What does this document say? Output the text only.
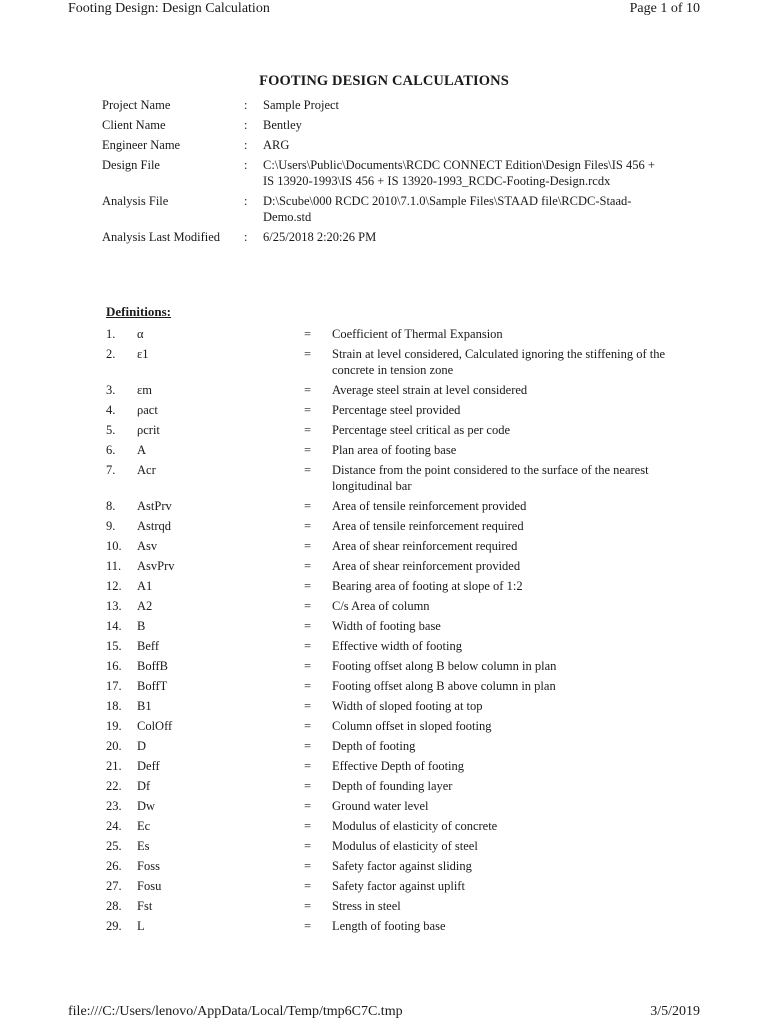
Footing Design: Design Calculation	Page 1 of 10
FOOTING DESIGN CALCULATIONS
Project Name	:	Sample Project
Client Name	:	Bentley
Engineer Name	:	ARG
Design File	:	C:\Users\Public\Documents\RCDC CONNECT Edition\Design Files\IS 456 + IS 13920-1993\IS 456 + IS 13920-1993_RCDC-Footing-Design.rcdx
Analysis File	:	D:\Scube\000 RCDC 2010\7.1.0\Sample Files\STAAD file\RCDC-Staad-Demo.std
Analysis Last Modified	:	6/25/2018 2:20:26 PM
Definitions:
1.	α	=	Coefficient of Thermal Expansion
2.	ε1	=	Strain at level considered, Calculated ignoring the stiffening of the concrete in tension zone
3.	εm	=	Average steel strain at level considered
4.	ρact	=	Percentage steel provided
5.	ρcrit	=	Percentage steel critical as per code
6.	A	=	Plan area of footing base
7.	Acr	=	Distance from the point considered to the surface of the nearest longitudinal bar
8.	AstPrv	=	Area of tensile reinforcement provided
9.	Astrqd	=	Area of tensile reinforcement required
10.	Asv	=	Area of shear reinforcement required
11.	AsvPrv	=	Area of shear reinforcement provided
12.	A1	=	Bearing area of footing at slope of 1:2
13.	A2	=	C/s Area of column
14.	B	=	Width of footing base
15.	Beff	=	Effective width of footing
16.	BoffB	=	Footing offset along B below column in plan
17.	BoffT	=	Footing offset along B above column in plan
18.	B1	=	Width of sloped footing at top
19.	ColOff	=	Column offset in sloped footing
20.	D	=	Depth of footing
21.	Deff	=	Effective Depth of footing
22.	Df	=	Depth of founding layer
23.	Dw	=	Ground water level
24.	Ec	=	Modulus of elasticity of concrete
25.	Es	=	Modulus of elasticity of steel
26.	Foss	=	Safety factor against sliding
27.	Fosu	=	Safety factor against uplift
28.	Fst	=	Stress in steel
29.	L	=	Length of footing base
file:///C:/Users/lenovo/AppData/Local/Temp/tmp6C7C.tmp	3/5/2019
